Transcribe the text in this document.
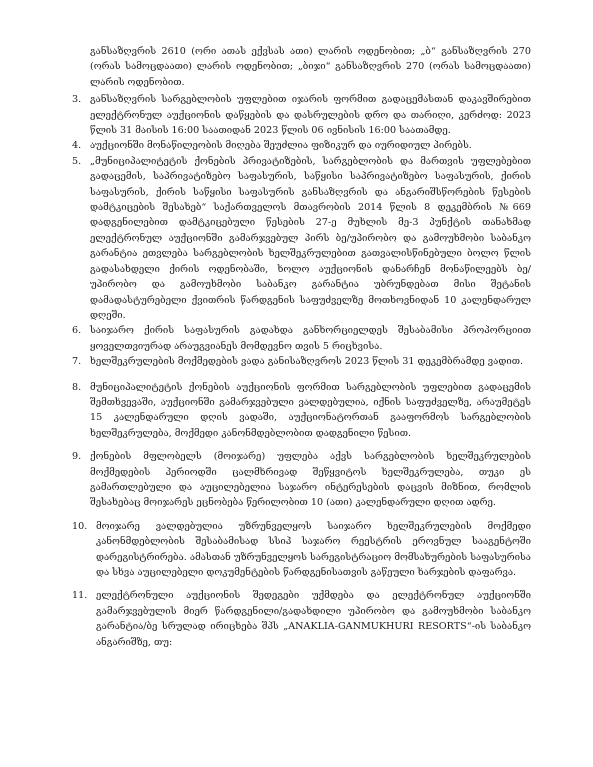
განსაზღვრის 2610 (ორი ათას ექვსას ათი) ლარის ოდენობით; „ბ“ განსაზღვრის 270 (ორას სამოცდაათი) ლარის ოდენობით; „ბიჯი“ განსაზღვრის 270 (ორას სამოცდაათი) ლარის ოდენობით.

3. განსაზღვრის სარგებლობის უფლებით იჯარის ფორმით გადაცემასთან დაკავშირებით ელექტრონულ აუქციონის დაწყების და დასრულების დრო და თარიღი, კერძოდ: 2023 წლის 31 მაისის 16:00 საათიდან 2023 წლის 06 ივნისის 16:00 საათამდე.
4. აუქციონში მონაწილეობის მიღება შეუძლია ფიზიკურ და იურიდიულ პირებს.
5. „მუნიციპალიტეტის ქონების პრივატიზების, სარგებლობის და მართვის უფლებებით გადაცემის, საპრივატიზებო საფასურის, საწყისი საპრივატიზებო საფასურის, ქირის საფასურის, ქირის საწყისი საფასურის განსაზღვრის და ანგარიშსწორების წესების დამტკიცების შესახებ“ საქართველოს მთავრობის 2014 წლის 8 დეკემბრის №669 დადგენილებით დამტკიცებული წესების 27-ე მუხლის მე-3 პუნქტის თანახმად ელექტრონულ აუქციონში გამარჯვებულ პირს ბე/უპირობო და გამოუხმობი საბანკო გარანტია ეთვლება სარგებლობის ხელშეკრულებით გათვალისწინებული ბოლო წლის გადასახდელი ქირის ოდენობაში, ხოლო აუქციონის დანარჩენ მონაწილეებს ბე/უპირობო და გამოუხმობი საბანკო გარანტია უბრუნდებათ მისი შეტანის დამადასტურებელი ქვითრის წარდგენის საფუძველზე მოთხოვნიდან 10 კალენდარულ დღეში.
6. საიჯარო ქირის საფასურის გადახდა განხორციელდეს შესაბამისი პროპორციით ყოველთვიურად არაუგვიანეს მომდევნო თვის 5 რიცხვისა.
7. ხელშეკრულების მოქმედების ვადა განისაზღვროს 2023 წლის 31 დეკემბრამდე ვადით.
8. მუნიციპალიტეტის ქონების აუქციონის ფორმით სარგებლობის უფლებით გადაცემის შემთხვევაში, აუქციონში გამარჯვებული ვალდებულია, იქნის საფუძველზე, არაუმეტეს 15 კალენდარული დღის ვადაში, აუქციონატორთან გააფორმოს სარგებლობის ხელშეკრულება, მოქმედი კანონმდებლობით დადგენილი წესით.
9. ქონების მფლობელს (მოიჯარე) უფლება აქვს სარგებლობის ხელშეკრულების მოქმედების პერიოდში ცალმხრივად შეწყვიტოს ხელშეკრულება, თუკი ეს გამართლებული და აუცილებელია საჯარო ინტერესების დაცვის მიზნით, რომლის შესახებაც მოიჯარეს ეცნობება წერილობით 10 (ათი) კალენდარული დღით ადრე.
10. მოიჯარე ვალდებულია უზრუნველყოს საიჯარო ხელშეკრულების მოქმედი კანონმდებლობის შესაბამისად სსიპ საჯარო რეესტრის ეროვნულ სააგენტოში დარეგისტრირება. ამასთან უზრუნველყოს სარეგისტრაციო მომსახურების საფასურისა და სხვა აუცილებელი დოკუმენტების წარდგენისათვის გაწეული ხარჯების დაფარვა.
11. ელექტრონული აუქციონის შედეგები უქმდება და ელექტრონულ აუქციონში გამარჯვებულის მიერ წარდგენილი/გადახდილი უპირობო და გამოუხმობი საბანკო გარანტია/ბე სრულად ირიცხება შპს „ANAKLIA-GANMUKHURI RESORTS“-ის საბანკო ანგარიშზე, თუ:
